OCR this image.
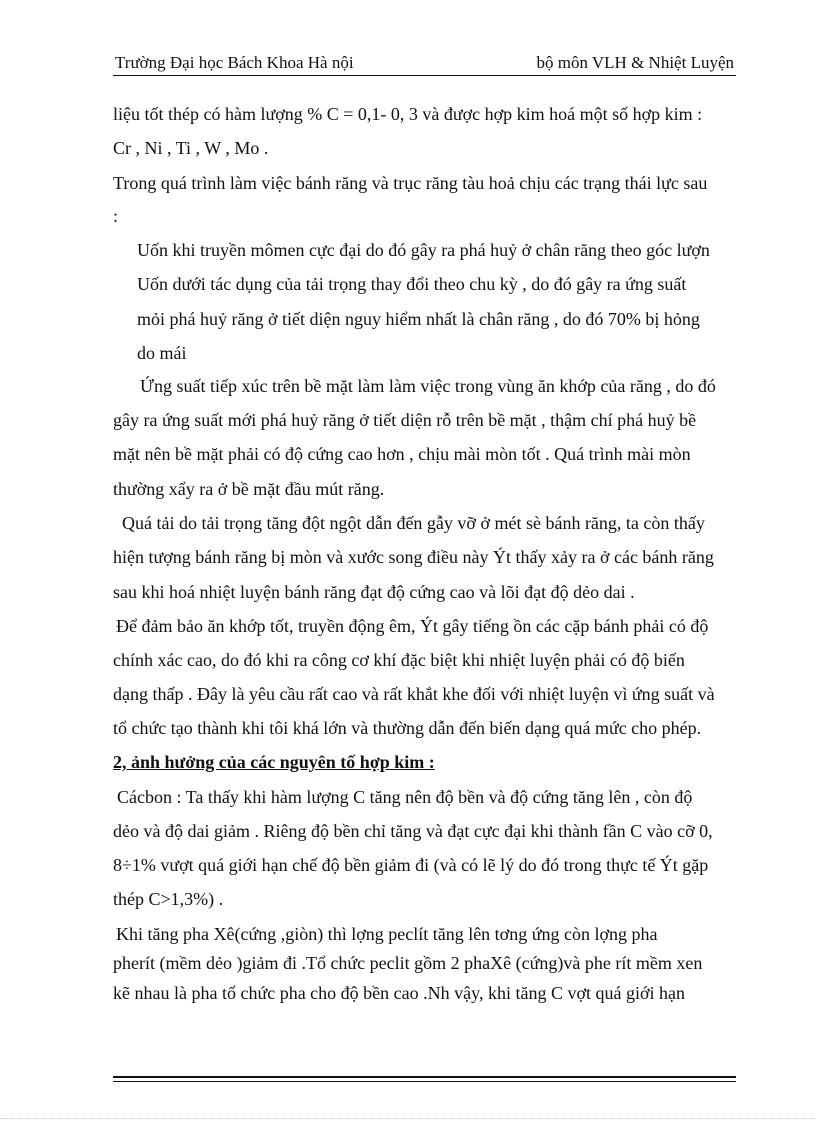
Trường Đại học Bách Khoa Hà nội	bộ môn VLH & Nhiệt Luyện
liệu tốt thép có hàm lượng % C = 0,1- 0, 3 và được hợp kim hoá một số hợp kim :
Cr , Ni , Ti , W , Mo .
Trong quá trình làm việc bánh răng và trục răng tàu hoả chịu các trạng thái lực sau
:
Uốn khi truyền mômen cực đại do đó gây ra phá huỷ ở chân răng theo góc lượn
Uốn dưới tác dụng của tải trọng thay đổi theo chu kỳ , do đó gây ra ứng suất
mỏi phá huỷ răng ở tiết diện nguy hiểm nhất là chân răng , do đó 70% bị hỏng
do mái
Ứng suất tiếp xúc trên bề mặt làm làm việc trong vùng ăn khớp của răng , do đó
gây ra ứng suất mới phá huỷ răng ở tiết diện rỗ trên bề mặt , thậm chí phá huỷ bề
mặt nên bề mặt phải có độ cứng cao hơn , chịu mài mòn tốt . Quá trình mài mòn
thường xẩy ra ở bề mặt đầu mút răng.
Quá tải do tải trọng tăng đột ngột dẫn đến gẫy vỡ ở mét sè bánh răng, ta còn thấy
hiện tượng bánh răng bị mòn và xước song điều này Ýt thấy xảy ra ở các bánh răng
sau khi hoá nhiệt luyện bánh răng đạt độ cứng cao và lõi đạt độ dẻo dai .
Để đảm bảo ăn khớp tốt, truyền động êm, Ýt gây tiếng ồn các cặp bánh phải có độ
chính xác cao, do đó khi ra công cơ khí đặc biệt khi nhiệt luyện phải có độ biến
dạng thấp . Đây là yêu cầu rất cao và rất khắt khe đối với nhiệt luyện vì ứng suất và
tổ chức tạo thành khi tôi khá lớn và thường dẫn đến biến dạng quá mức cho phép.
2, ảnh hưởng của các nguyên tố hợp kim :
Cácbon : Ta thấy khi hàm lượng C tăng nên độ bền và độ cứng tăng lên , còn độ
dẻo và độ dai giảm . Riêng độ bền chỉ tăng và đạt cực đại khi thành fần C vào cỡ 0,
8÷1% vượt quá giới hạn chế độ bền giảm đi (và có lẽ lý do đó trong thực tế Ýt gặp
thép C>1,3%) .
Khi tăng pha Xê(cứng ,giòn) thì lợng peclít tăng lên tơng ứng còn lợng pha
pherít (mềm dẻo )giảm đi .Tổ chức peclit gồm 2 phaXê (cứng)và phe rít mềm xen
kẽ nhau là pha tổ chức pha cho độ bền cao .Nh vậy, khi tăng C vợt quá giới hạn
